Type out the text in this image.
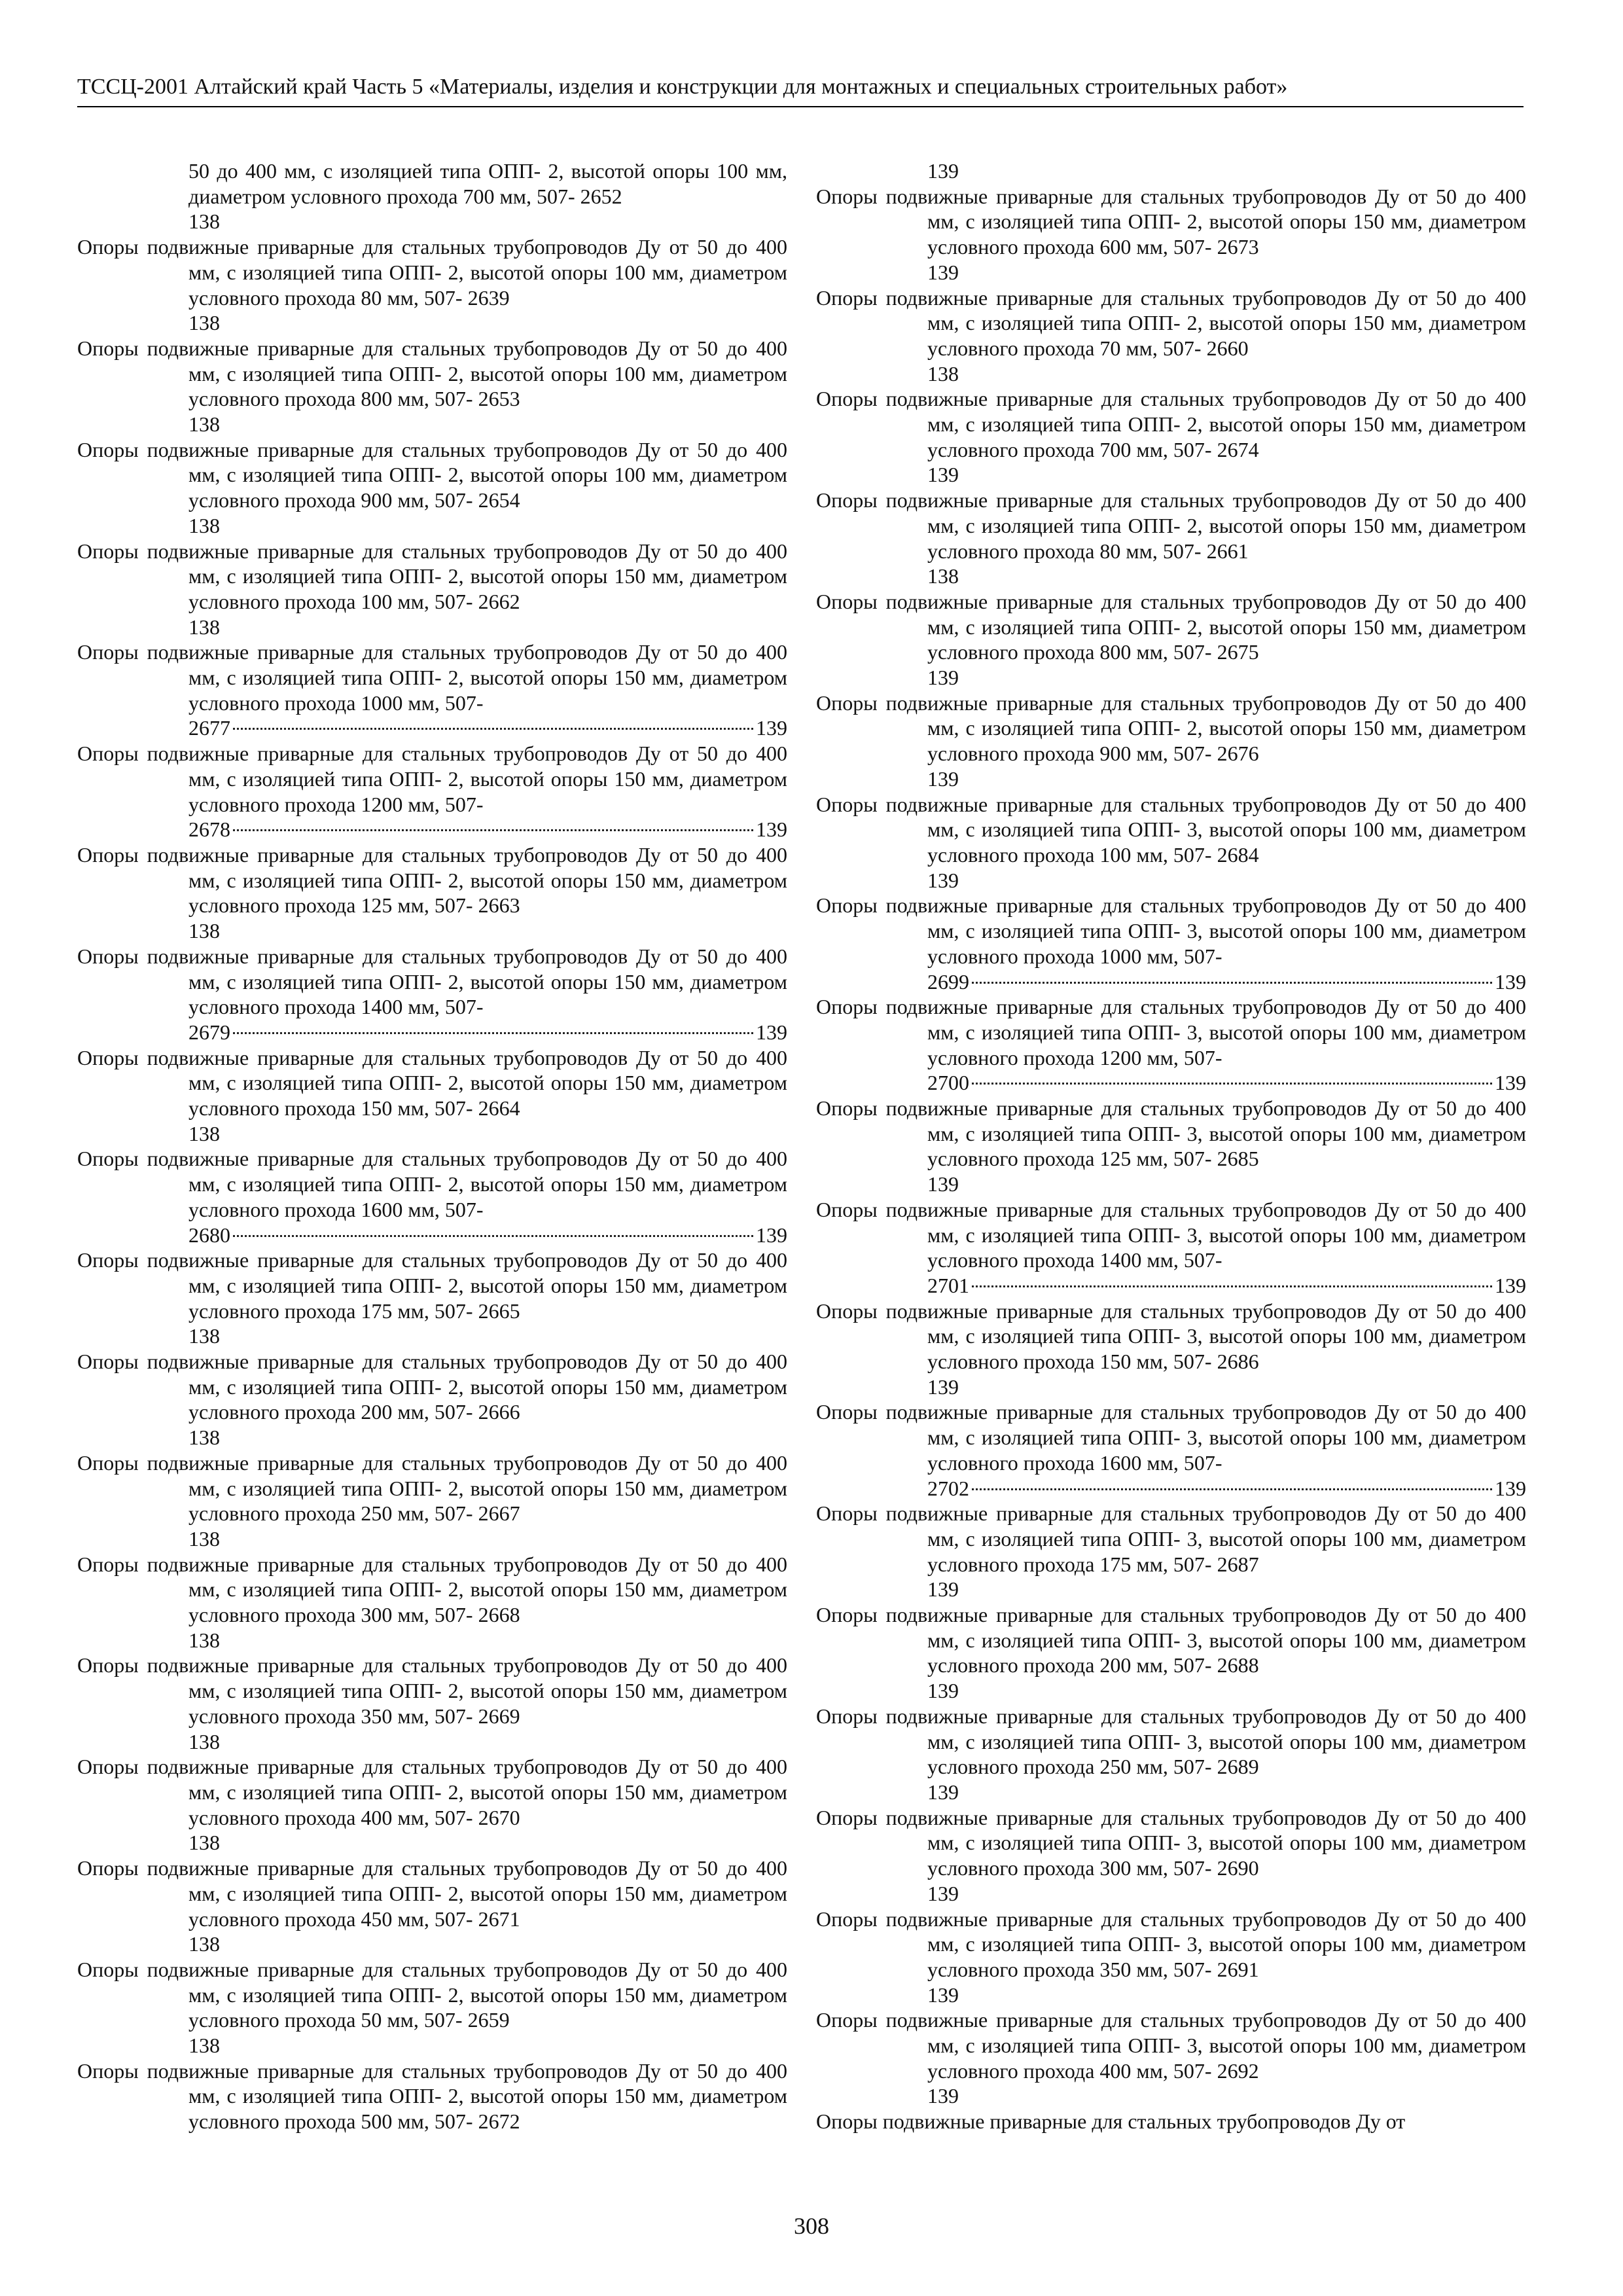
ТССЦ-2001 Алтайский край Часть 5 «Материалы, изделия и конструкции для монтажных и специальных строительных работ»
50 до 400 мм, с изоляцией типа ОПП- 2, высотой опоры 100 мм, диаметром условного прохода 700 мм, 507- 2652
138
Опоры подвижные приварные для стальных трубопроводов Ду от 50 до 400 мм, с изоляцией типа ОПП- 2, высотой опоры 100 мм, диаметром условного прохода 80 мм, 507- 2639
138
Опоры подвижные приварные для стальных трубопроводов Ду от 50 до 400 мм, с изоляцией типа ОПП- 2, высотой опоры 100 мм, диаметром условного прохода 800 мм, 507- 2653
138
Опоры подвижные приварные для стальных трубопроводов Ду от 50 до 400 мм, с изоляцией типа ОПП- 2, высотой опоры 100 мм, диаметром условного прохода 900 мм, 507- 2654
138
Опоры подвижные приварные для стальных трубопроводов Ду от 50 до 400 мм, с изоляцией типа ОПП- 2, высотой опоры 150 мм, диаметром условного прохода 100 мм, 507- 2662
138
Опоры подвижные приварные для стальных трубопроводов Ду от 50 до 400 мм, с изоляцией типа ОПП- 2, высотой опоры 150 мм, диаметром условного прохода 1000 мм, 507-
2677	139
Опоры подвижные приварные для стальных трубопроводов Ду от 50 до 400 мм, с изоляцией типа ОПП- 2, высотой опоры 150 мм, диаметром условного прохода 1200 мм, 507-
2678	139
Опоры подвижные приварные для стальных трубопроводов Ду от 50 до 400 мм, с изоляцией типа ОПП- 2, высотой опоры 150 мм, диаметром условного прохода 125 мм, 507- 2663
138
Опоры подвижные приварные для стальных трубопроводов Ду от 50 до 400 мм, с изоляцией типа ОПП- 2, высотой опоры 150 мм, диаметром условного прохода 1400 мм, 507-
2679	139
Опоры подвижные приварные для стальных трубопроводов Ду от 50 до 400 мм, с изоляцией типа ОПП- 2, высотой опоры 150 мм, диаметром условного прохода 150 мм, 507- 2664
138
Опоры подвижные приварные для стальных трубопроводов Ду от 50 до 400 мм, с изоляцией типа ОПП- 2, высотой опоры 150 мм, диаметром условного прохода 1600 мм, 507-
2680	139
Опоры подвижные приварные для стальных трубопроводов Ду от 50 до 400 мм, с изоляцией типа ОПП- 2, высотой опоры 150 мм, диаметром условного прохода 175 мм, 507- 2665
138
Опоры подвижные приварные для стальных трубопроводов Ду от 50 до 400 мм, с изоляцией типа ОПП- 2, высотой опоры 150 мм, диаметром условного прохода 200 мм, 507- 2666
138
Опоры подвижные приварные для стальных трубопроводов Ду от 50 до 400 мм, с изоляцией типа ОПП- 2, высотой опоры 150 мм, диаметром условного прохода 250 мм, 507- 2667
138
Опоры подвижные приварные для стальных трубопроводов Ду от 50 до 400 мм, с изоляцией типа ОПП- 2, высотой опоры 150 мм, диаметром условного прохода 300 мм, 507- 2668
138
Опоры подвижные приварные для стальных трубопроводов Ду от 50 до 400 мм, с изоляцией типа ОПП- 2, высотой опоры 150 мм, диаметром условного прохода 350 мм, 507- 2669
138
Опоры подвижные приварные для стальных трубопроводов Ду от 50 до 400 мм, с изоляцией типа ОПП- 2, высотой опоры 150 мм, диаметром условного прохода 400 мм, 507- 2670
138
Опоры подвижные приварные для стальных трубопроводов Ду от 50 до 400 мм, с изоляцией типа ОПП- 2, высотой опоры 150 мм, диаметром условного прохода 450 мм, 507- 2671
138
Опоры подвижные приварные для стальных трубопроводов Ду от 50 до 400 мм, с изоляцией типа ОПП- 2, высотой опоры 150 мм, диаметром условного прохода 50 мм, 507- 2659
138
Опоры подвижные приварные для стальных трубопроводов Ду от 50 до 400 мм, с изоляцией типа ОПП- 2, высотой опоры 150 мм, диаметром условного прохода 500 мм, 507- 2672
139
Опоры подвижные приварные для стальных трубопроводов Ду от 50 до 400 мм, с изоляцией типа ОПП- 2, высотой опоры 150 мм, диаметром условного прохода 600 мм, 507- 2673
139
Опоры подвижные приварные для стальных трубопроводов Ду от 50 до 400 мм, с изоляцией типа ОПП- 2, высотой опоры 150 мм, диаметром условного прохода 70 мм, 507- 2660
138
Опоры подвижные приварные для стальных трубопроводов Ду от 50 до 400 мм, с изоляцией типа ОПП- 2, высотой опоры 150 мм, диаметром условного прохода 700 мм, 507- 2674
139
Опоры подвижные приварные для стальных трубопроводов Ду от 50 до 400 мм, с изоляцией типа ОПП- 2, высотой опоры 150 мм, диаметром условного прохода 80 мм, 507- 2661
138
Опоры подвижные приварные для стальных трубопроводов Ду от 50 до 400 мм, с изоляцией типа ОПП- 2, высотой опоры 150 мм, диаметром условного прохода 800 мм, 507- 2675
139
Опоры подвижные приварные для стальных трубопроводов Ду от 50 до 400 мм, с изоляцией типа ОПП- 2, высотой опоры 150 мм, диаметром условного прохода 900 мм, 507- 2676
139
Опоры подвижные приварные для стальных трубопроводов Ду от 50 до 400 мм, с изоляцией типа ОПП- 3, высотой опоры 100 мм, диаметром условного прохода 100 мм, 507- 2684
139
Опоры подвижные приварные для стальных трубопроводов Ду от 50 до 400 мм, с изоляцией типа ОПП- 3, высотой опоры 100 мм, диаметром условного прохода 1000 мм, 507-
2699	139
Опоры подвижные приварные для стальных трубопроводов Ду от 50 до 400 мм, с изоляцией типа ОПП- 3, высотой опоры 100 мм, диаметром условного прохода 1200 мм, 507-
2700	139
Опоры подвижные приварные для стальных трубопроводов Ду от 50 до 400 мм, с изоляцией типа ОПП- 3, высотой опоры 100 мм, диаметром условного прохода 125 мм, 507- 2685
139
Опоры подвижные приварные для стальных трубопроводов Ду от 50 до 400 мм, с изоляцией типа ОПП- 3, высотой опоры 100 мм, диаметром условного прохода 1400 мм, 507-
2701	139
Опоры подвижные приварные для стальных трубопроводов Ду от 50 до 400 мм, с изоляцией типа ОПП- 3, высотой опоры 100 мм, диаметром условного прохода 150 мм, 507- 2686
139
Опоры подвижные приварные для стальных трубопроводов Ду от 50 до 400 мм, с изоляцией типа ОПП- 3, высотой опоры 100 мм, диаметром условного прохода 1600 мм, 507-
2702	139
Опоры подвижные приварные для стальных трубопроводов Ду от 50 до 400 мм, с изоляцией типа ОПП- 3, высотой опоры 100 мм, диаметром условного прохода 175 мм, 507- 2687
139
Опоры подвижные приварные для стальных трубопроводов Ду от 50 до 400 мм, с изоляцией типа ОПП- 3, высотой опоры 100 мм, диаметром условного прохода 200 мм, 507- 2688
139
Опоры подвижные приварные для стальных трубопроводов Ду от 50 до 400 мм, с изоляцией типа ОПП- 3, высотой опоры 100 мм, диаметром условного прохода 250 мм, 507- 2689
139
Опоры подвижные приварные для стальных трубопроводов Ду от 50 до 400 мм, с изоляцией типа ОПП- 3, высотой опоры 100 мм, диаметром условного прохода 300 мм, 507- 2690
139
Опоры подвижные приварные для стальных трубопроводов Ду от 50 до 400 мм, с изоляцией типа ОПП- 3, высотой опоры 100 мм, диаметром условного прохода 350 мм, 507- 2691
139
Опоры подвижные приварные для стальных трубопроводов Ду от 50 до 400 мм, с изоляцией типа ОПП- 3, высотой опоры 100 мм, диаметром условного прохода 400 мм, 507- 2692
139
Опоры подвижные приварные для стальных трубопроводов Ду от
308
